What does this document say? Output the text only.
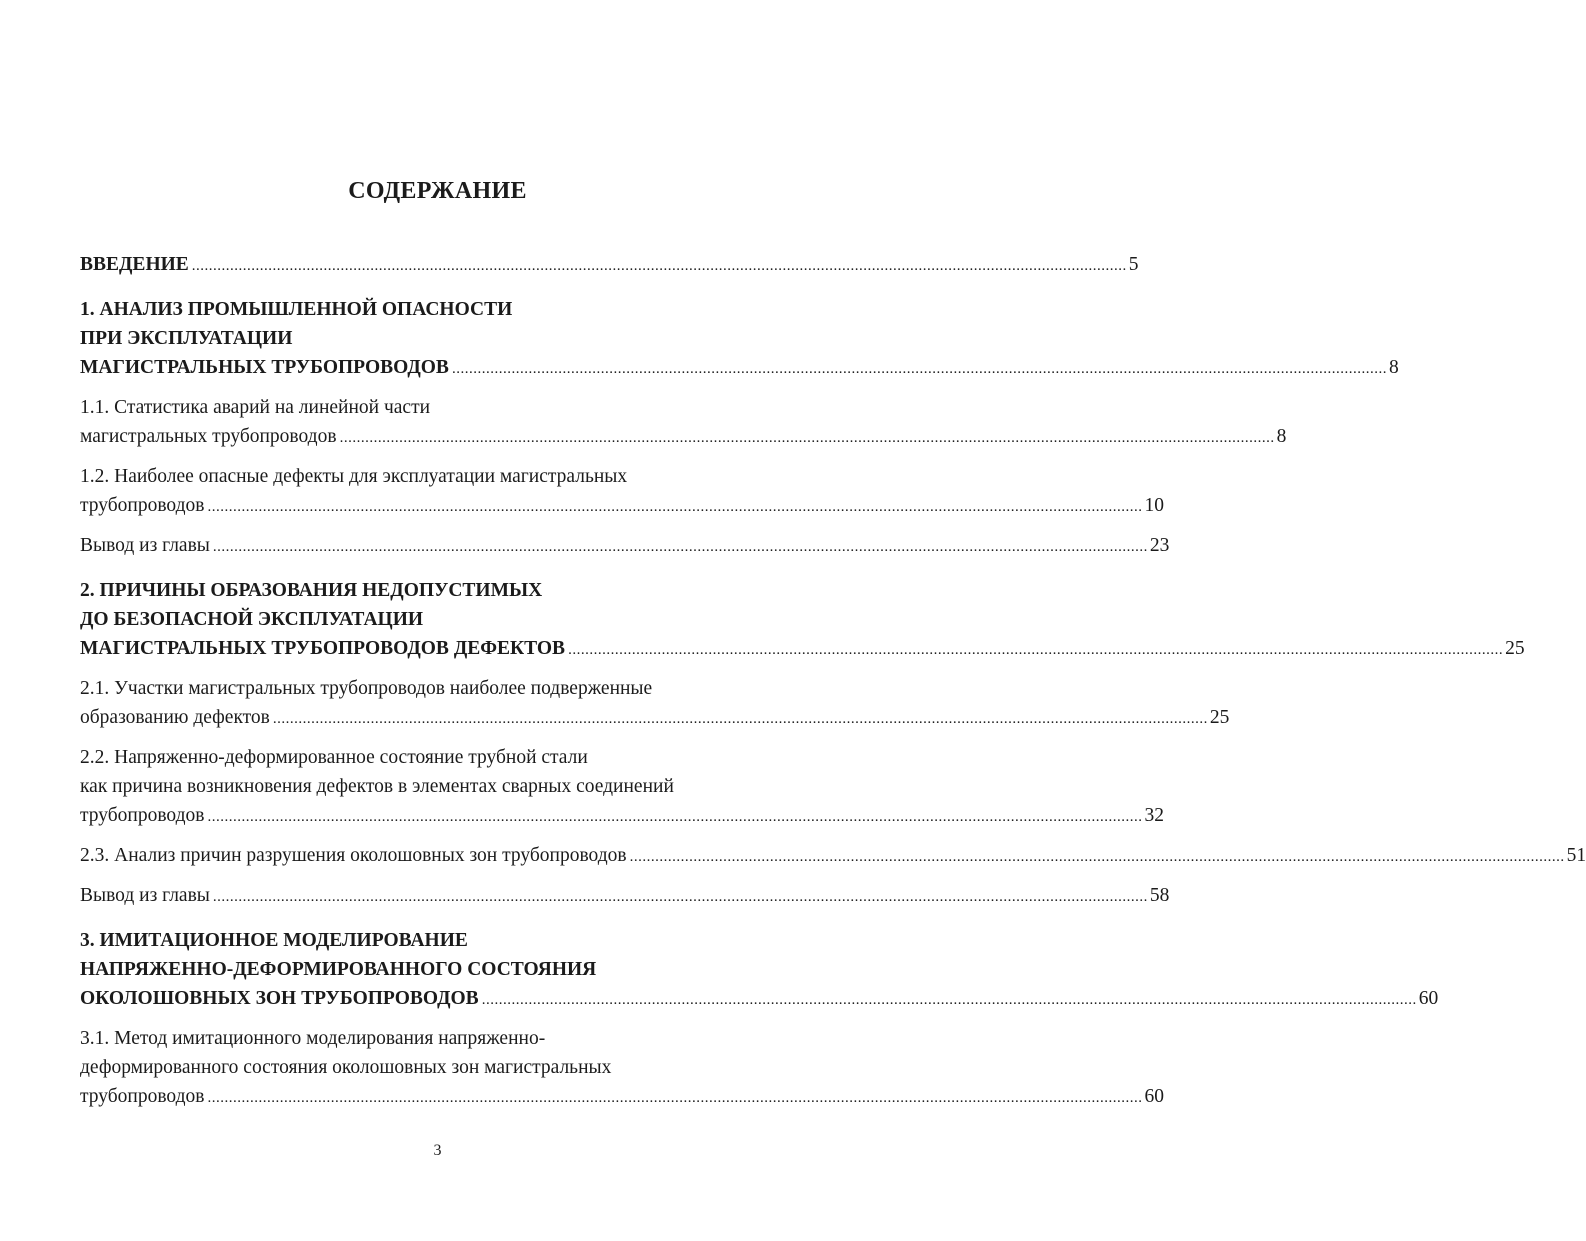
СОДЕРЖАНИЕ
ВВЕДЕНИЕ ............................................................................................................................................................................................................................ 5
1. АНАЛИЗ ПРОМЫШЛЕННОЙ ОПАСНОСТИ
ПРИ ЭКСПЛУАТАЦИИ
МАГИСТРАЛЬНЫХ ТРУБОПРОВОДОВ ............................................................................................................................................................................................................................ 8
1.1. Статистика аварий на линейной части
магистральных трубопроводов ............................................................................................................................................................................................................................ 8
1.2. Наиболее опасные дефекты для эксплуатации магистральных
трубопроводов ............................................................................................................................................................................................................................ 10
Вывод из главы ............................................................................................................................................................................................................................ 23
2. ПРИЧИНЫ ОБРАЗОВАНИЯ НЕДОПУСТИМЫХ
ДО БЕЗОПАСНОЙ ЭКСПЛУАТАЦИИ
МАГИСТРАЛЬНЫХ ТРУБОПРОВОДОВ ДЕФЕКТОВ ............................................................................................................................................................................................................................ 25
2.1. Участки магистральных трубопроводов наиболее подверженные
образованию дефектов ............................................................................................................................................................................................................................ 25
2.2. Напряженно-деформированное состояние трубной стали
как причина возникновения дефектов в элементах сварных соединений
трубопроводов ............................................................................................................................................................................................................................ 32
2.3. Анализ причин разрушения околошовных зон трубопроводов ............................................................................................................................................................................................................................ 51
Вывод из главы ............................................................................................................................................................................................................................ 58
3. ИМИТАЦИОННОЕ МОДЕЛИРОВАНИЕ
НАПРЯЖЕННО-ДЕФОРМИРОВАННОГО СОСТОЯНИЯ
ОКОЛОШОВНЫХ ЗОН ТРУБОПРОВОДОВ ............................................................................................................................................................................................................................ 60
3.1. Метод имитационного моделирования напряженно-
деформированного состояния околошовных зон магистральных
трубопроводов ............................................................................................................................................................................................................................ 60
3
